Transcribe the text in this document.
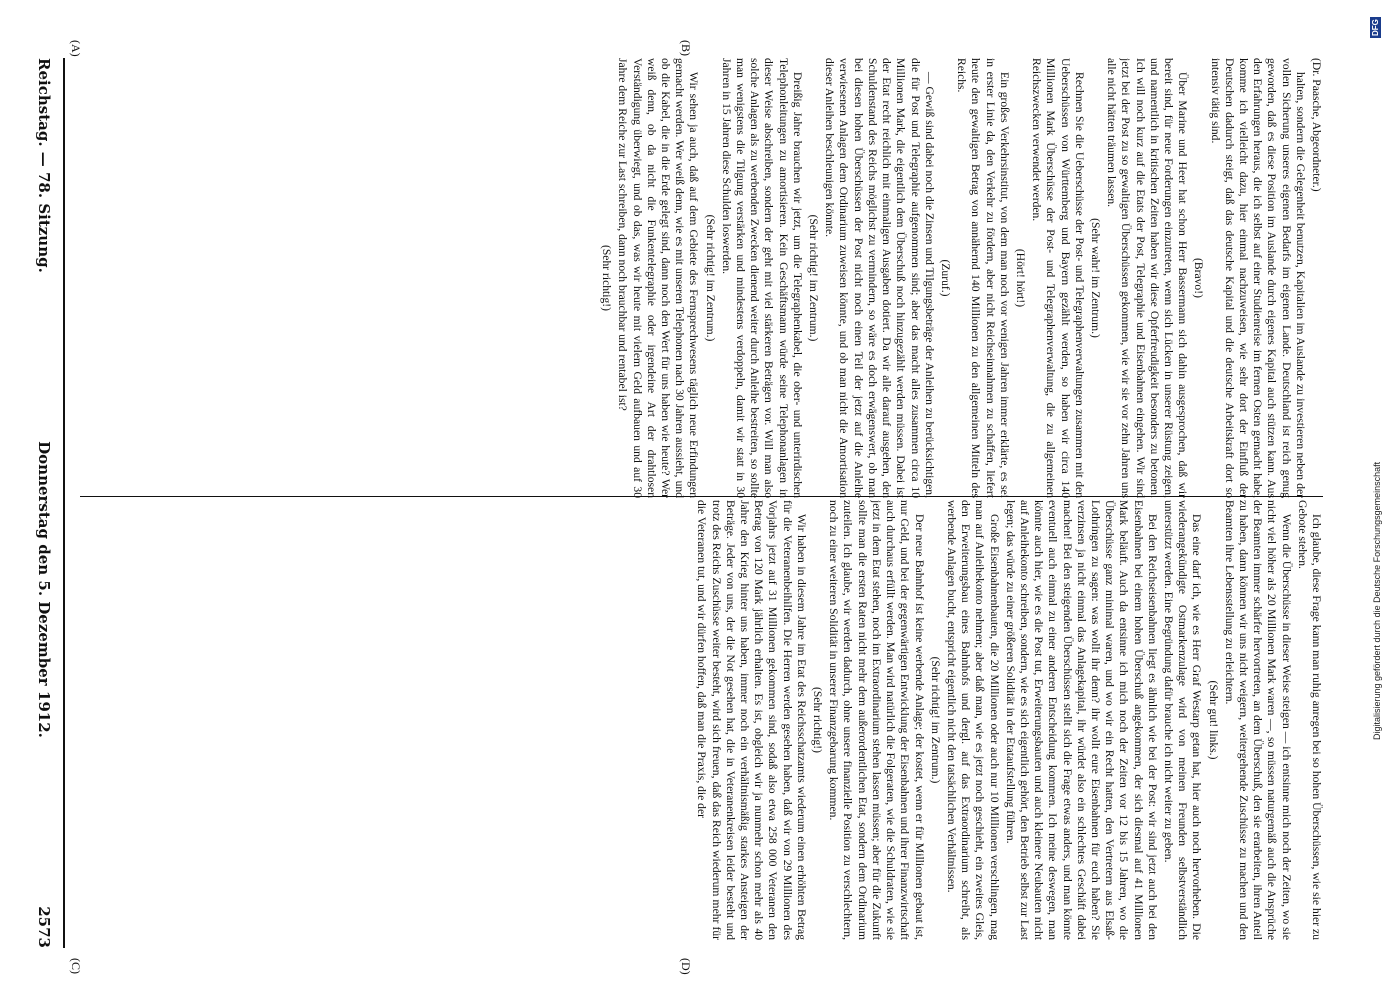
Reichstag. — 78. Sitzung.
Donnerstag den 5. Dezember 1912.
2573

(Dr. Paasche, Abgeordneter.)

halten, sondern die Gelegenheit benutzen, Kapitalien im Auslande zu investieren neben der vollen Sicherung unseres eigenen Bedarfs im eigenen Lande. Deutschland ist reich genug geworden, daß es diese Position im Auslande durch eigenes Kapital auch stützen kann. Aus den Erfahrungen heraus, die ich selbst auf einer Studienreise im fernen Osten gemacht habe, komme ich vielleicht dazu, hier einmal nachzuweisen, wie sehr dort der Einfluß der Deutschen dadurch steigt, daß das deutsche Kapital und die deutsche Arbeitskraft dort so intensiv tätig sind.

(Bravo!)

Über Marine und Heer hat schon Herr Bassermann sich dahin ausgesprochen, daß wir bereit sind, für neue Forderungen einzutreten, wenn sich Lücken in unserer Rüstung zeigen, und namentlich in kritischen Zeiten haben wir diese Opferfreudigkeit besonders zu betonen. Ich will noch kurz auf die Etats der Post, Telegraphie und Eisenbahnen eingehen. Wir sind jetzt bei der Post zu so gewaltigen Überschüssen gekommen, wie wir sie vor zehn Jahren uns alle nicht hätten träumen lassen.

(Sehr wahr! im Zentrum.)

Rechnen Sie die Ueberschüsse der Post- und Telegraphenverwaltungen zusammen mit den Ueberschüssen von Württemberg und Bayern gezählt werden, so haben wir circa 140 Millionen Mark Überschüsse der Post- und Telegraphenverwaltung, die zu allgemeinen Reichszwecken verwendet werden.

(Hört! hört!)

Ein großes Verkehrsinstitut, von dem man noch vor wenigen Jahren immer erklärte, es sei in erster Linie da, den Verkehr zu fördern, aber nicht Reichseinnahmen zu schaffen, liefert heute den gewaltigen Betrag von annähernd 140 Millionen zu den allgemeinen Mitteln des Reichs.

(Zuruf.)

— Gewiß sind dabei noch die Zinsen und Tilgungsbeträge der Anleihen zu berücksichtigen, die für Post und Telegraphie aufgenommen sind; aber das macht alles zusammen circa 10 Millionen Mark, die eigentlich dem Überschuß noch hinzugezählt werden müssen. Dabei ist der Etat recht reichlich mit einmaligen Ausgaben dotiert. Da wir alle darauf ausgehen, den Schuldenstand des Reichs möglichst zu vermindern, so wäre es doch erwägenswert, ob man bei diesen hohen Überschüssen der Post nicht noch einen Teil der jetzt auf die Anleihe verwiesenen Anlagen dem Ordinarium zuweisen könnte, und ob man nicht die Amortisation dieser Anleihen beschleunigen könnte.

(Sehr richtig! im Zentrum.)

Dreißig Jahre brauchen wir jetzt, um die Telegraphenkabel, die ober- und unterirdischen Telephonleitungen zu amortisieren. Kein Geschäftsmann würde seine Telephonanlagen in dieser Weise abschreiben, sondern der geht mit viel stärkeren Beträgen vor. Will man also solche Anlagen als zu werbenden Zwecken dienend weiter durch Anleihe bestreiten, so sollte man wenigstens die Tilgung verstärken und mindestens verdoppeln, damit wir statt in 30 Jahren in 15 Jahren diese Schulden loswerden.

(Sehr richtig! im Zentrum.)

Wir sehen ja auch, daß auf dem Gebiete des Fernsprechwesens täglich neue Erfindungen gemacht werden. Wer weiß denn, wie es mit unseren Telephonen nach 30 Jahren aussieht, und ob die Kabel, die in die Erde gelegt sind, dann noch den Wert für uns haben wie heute? Wer weiß denn, ob da nicht die Funkentelegraphie oder irgendeine Art der drahtlosen Verständigung überwiegt, und ob das, was wir heute mit vielem Geld aufbauen und auf 30 Jahre dem Reiche zur Last schreiben, dann noch brauchbar und rentabel ist?

(Sehr richtig!)

Ich glaube, diese Frage kann man ruhig anregen bei so hohen Überschüssen, wie sie hier zu Gebote stehen.

Wenn die Überschüsse in dieser Weise steigen — ich entsinne mich noch der Zeiten, wo sie nicht viel höher als 20 Millionen Mark waren —, so müssen naturgemäß auch die Ansprüche der Beamten immer schärfer hervortreten, an dem Überschuß, den sie erarbeiten, ihren Anteil zu haben, dann können wir uns nicht weigern, weitergehende Zuschüsse zu machen und den Beamten ihre Lebensstellung zu erleichtern.

(Sehr gut! links.)

Das eine darf ich, wie es Herr Graf Westarp getan hat, hier auch noch hervorheben. Die wiederangekündigte Ostmarkenzulage wird von meinen Freunden selbstverständlich unterstützt werden. Eine Begründung dafür brauche ich nicht weiter zu geben.

Bei den Reichseisenbahnen liegt es ähnlich wie bei der Post: wir sind jetzt auch bei den Eisenbahnen bei einem hohen Überschuß angekommen, der sich diesmal auf 41 Millionen Mark beläuft. Auch da entsinne ich mich noch der Zeiten vor 12 bis 15 Jahren, wo die Überschüsse ganz minimal waren, und wo wir ein Recht hatten, den Vertretern aus Elsaß-Lothringen zu sagen: was wollt ihr denn? ihr wollt eure Eisenbahnen für euch haben? Sie verzinsen ja nicht einmal das Anlagekapital, ihr würdet also ein schlechtes Geschäft dabei machen! Bei den steigenden Überschüssen stellt sich die Frage etwas anders, und man könnte eventuell auch einmal zu einer anderen Entscheidung kommen. Ich meine deswegen, man könnte auch hier, wie es die Post tut, Erweiterungsbauten und auch kleinere Neubauten nicht auf Anleihekonto schreiben, sondern, wie es sich eigentlich gehört, den Betrieb selbst zur Last legen; das würde zu einer größeren Solidität in der Etataufstellung führen.

Große Eisenbahnenbauten, die 20 Millionen oder auch nur 10 Millionen verschlingen, mag man auf Anleihekonto nehmen; aber daß man, wie es jetzt noch geschieht, ein zweites Gleis, den Erweiterungsbau eines Bahnhofs und dergl. auf das Extraordinarium schreibt, als werbende Anlagen bucht, entspricht eigentlich nicht den tatsächlichen Verhältnissen.

(Sehr richtig! im Zentrum.)

Der neue Bahnhof ist keine werbende Anlage; der kostet, wenn er für Millionen gebaut ist, nur Geld, und bei der gegenwärtigen Entwicklung der Eisenbahnen und ihrer Finanzwirtschaft auch durchaus erfüllt werden. Man wird natürlich die Folgeraten, wie die Schuldraten, wie sie jetzt in dem Etat stehen, noch im Extraordinarium stehen lassen müssen; aber für die Zukunft sollte man die ersten Raten nicht mehr dem außerordentlichen Etat, sondern dem Ordinarium zuteilen. Ich glaube, wir werden dadurch, ohne unsere finanzielle Position zu verschlechtern, noch zu einer weiteren Solidität in unserer Finanzgebarung kommen.

(Sehr richtig!)

Wir haben in diesem Jahre im Etat des Reichsschatzamts wiederum einen erhöhten Betrag für die Veteranenbeihilfen. Die Herren werden gesehen haben, daß wir von 29 Millionen des Vorjahrs jetzt auf 31 Millionen gekommen sind, sodaß also etwa 258 000 Veteranen den Betrag von 120 Mark jährlich erhalten. Es ist, obgleich wir ja nunmehr schon mehr als 40 Jahre den Krieg hinter uns haben, immer noch ein verhältnismäßig starkes Ansteigen der Beträge. Jeder von uns, der die Not gesehen hat, die in Veteranenkreisen leider besteht und trotz des Reichs Zuschüsse weiter besteht, wird sich freuen, daß das Reich wiederum mehr für die Veteranen tut, und wir dürfen hoffen, daß man die Praxis, die der

(A)	(B)
(C)	(D)
DFG
Digitalisierung gefördert durch die Deutsche Forschungsgemeinschaft
